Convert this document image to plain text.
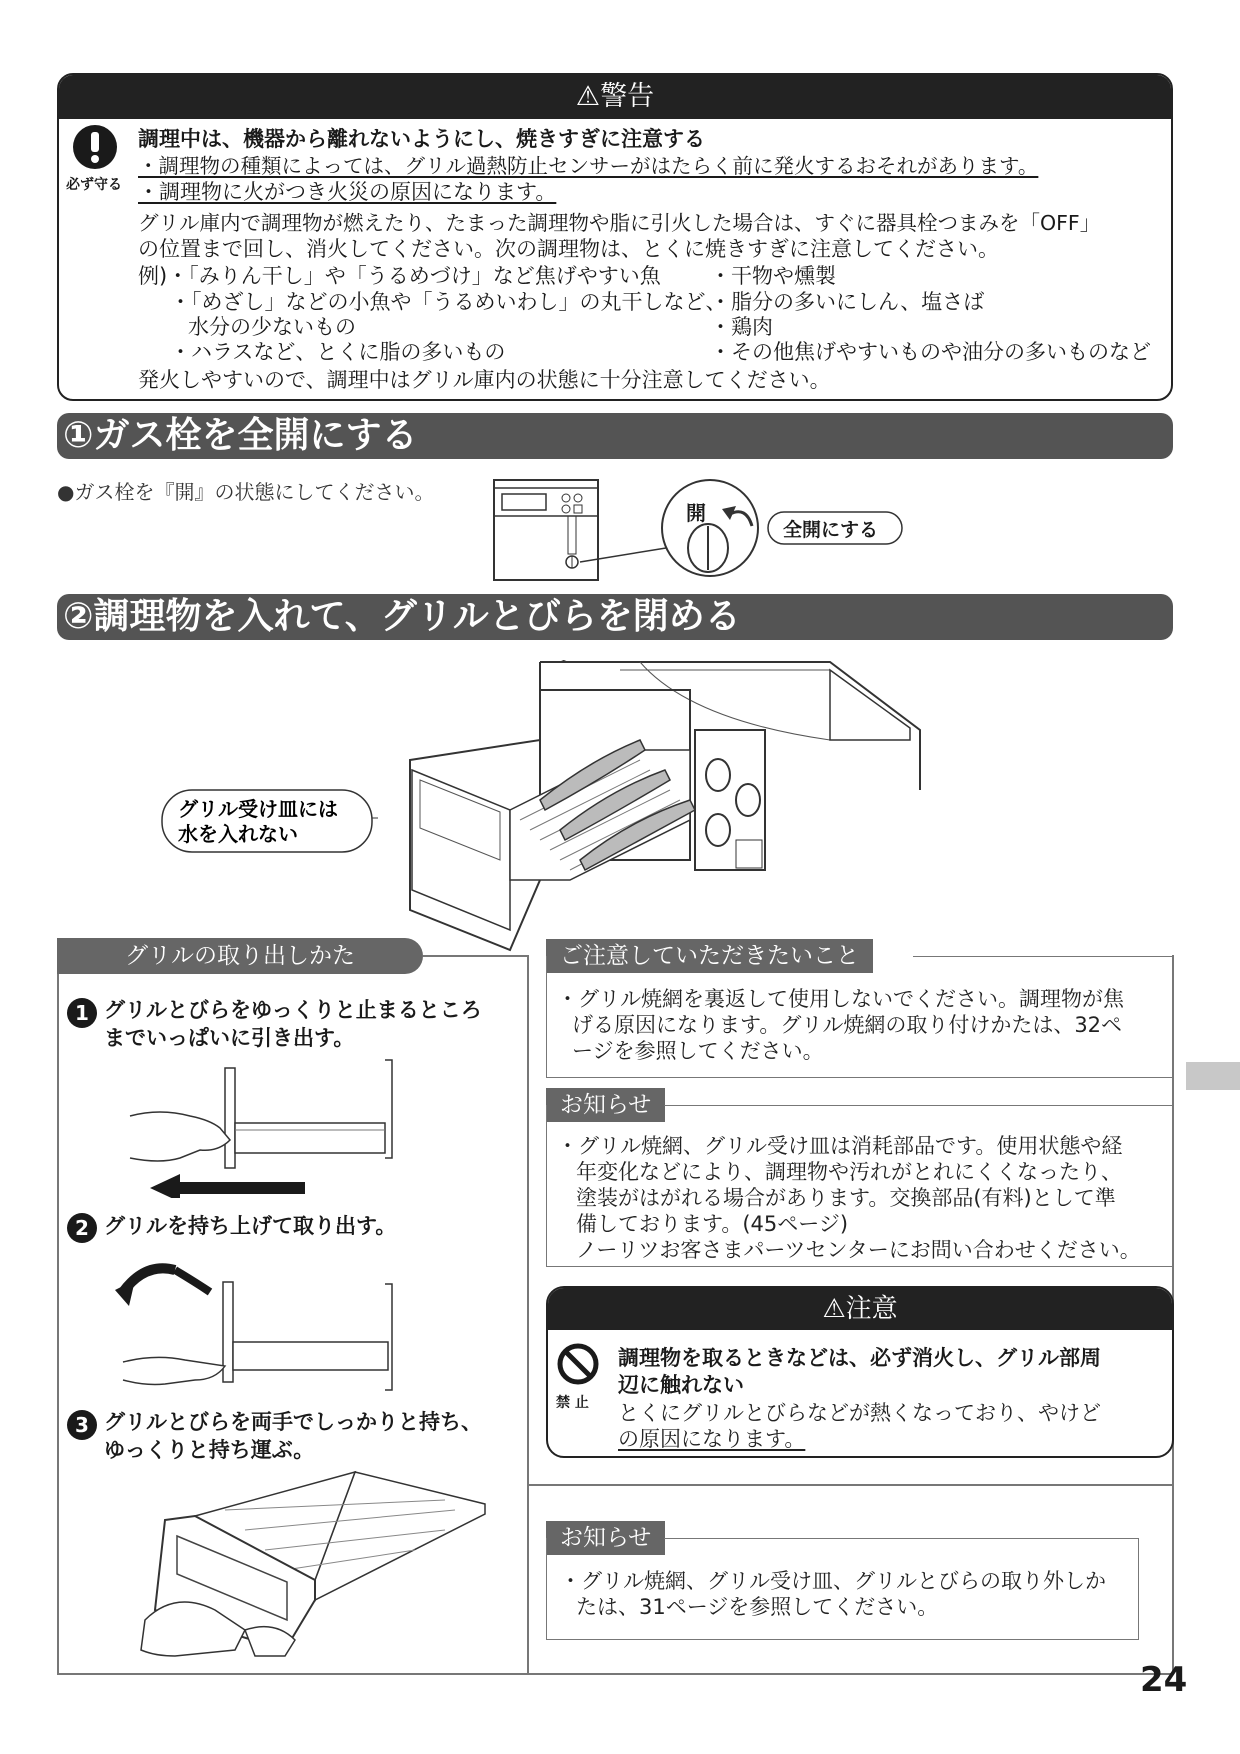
⚠警告
必ず守る
調理中は、機器から離れないようにし、焼きすぎに注意する
・調理物の種類によっては、グリル過熱防止センサーがはたらく前に発火するおそれがあります。
・調理物に火がつき火災の原因になります。
グリル庫内で調理物が燃えたり、たまった調理物や脂に引火した場合は、すぐに器具栓つまみを「OFF」
の位置まで回し、消火してください。次の調理物は、とくに焼きすぎに注意してください。
例)・「みりん干し」や「うるめづけ」など焦げやすい魚
・「めざし」などの小魚や「うるめいわし」の丸干しなど、
水分の少ないもの
・ハラスなど、とくに脂の多いもの
・干物や燻製
・脂分の多いにしん、塩さば
・鶏肉
・その他焦げやすいものや油分の多いものなど
発火しやすいので、調理中はグリル庫内の状態に十分注意してください。
①ガス栓を全開にする
●ガス栓を『開』の状態にしてください。
開
全開にする
②調理物を入れて、グリルとびらを閉める
グリル受け皿には
水を入れない
グリルの取り出しかた
1 グリルとびらをゆっくりと止まるところ
までいっぱいに引き出す。
2 グリルを持ち上げて取り出す。
3 グリルとびらを両手でしっかりと持ち、
ゆっくりと持ち運ぶ。
ご注意していただきたいこと
・グリル焼網を裏返して使用しないでください。調理物が焦
げる原因になります。グリル焼網の取り付けかたは、32ペ
ージを参照してください。
お知らせ
・グリル焼網、グリル受け皿は消耗部品です。使用状態や経
年変化などにより、調理物や汚れがとれにくくなったり、
塗装がはがれる場合があります。交換部品(有料)として準
備しております。(45ページ)
ノーリツお客さまパーツセンターにお問い合わせください。
⚠注意
禁 止
調理物を取るときなどは、必ず消火し、グリル部周
辺に触れない
とくにグリルとびらなどが熱くなっており、やけど
の原因になります。
お知らせ
・グリル焼網、グリル受け皿、グリルとびらの取り外しか
たは、31ページを参照してください。
24
